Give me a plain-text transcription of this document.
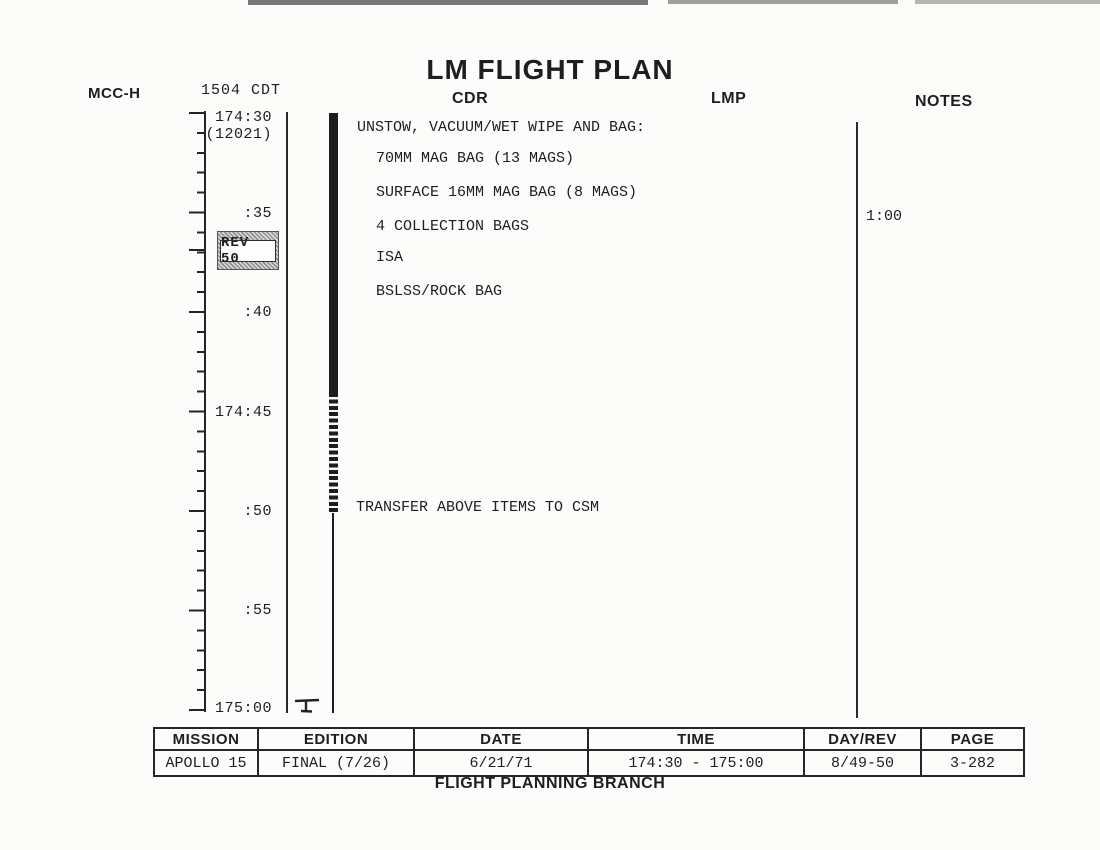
MCC-H	1504 CDT
LM FLIGHT PLAN
CDR	LMP	NOTES
174:30
(12021)
:35
:40
174:45
:50
:55
175:00
REV 50
UNSTOW, VACUUM/WET WIPE AND BAG:
70MM MAG BAG (13 MAGS)
SURFACE 16MM MAG BAG (8 MAGS)
4 COLLECTION BAGS
ISA
BSLSS/ROCK BAG
TRANSFER ABOVE ITEMS TO CSM
1:00
MISSION	EDITION	DATE	TIME	DAY/REV	PAGE
APOLLO 15	FINAL (7/26)	6/21/71	174:30 - 175:00	8/49-50	3-282
FLIGHT PLANNING BRANCH
